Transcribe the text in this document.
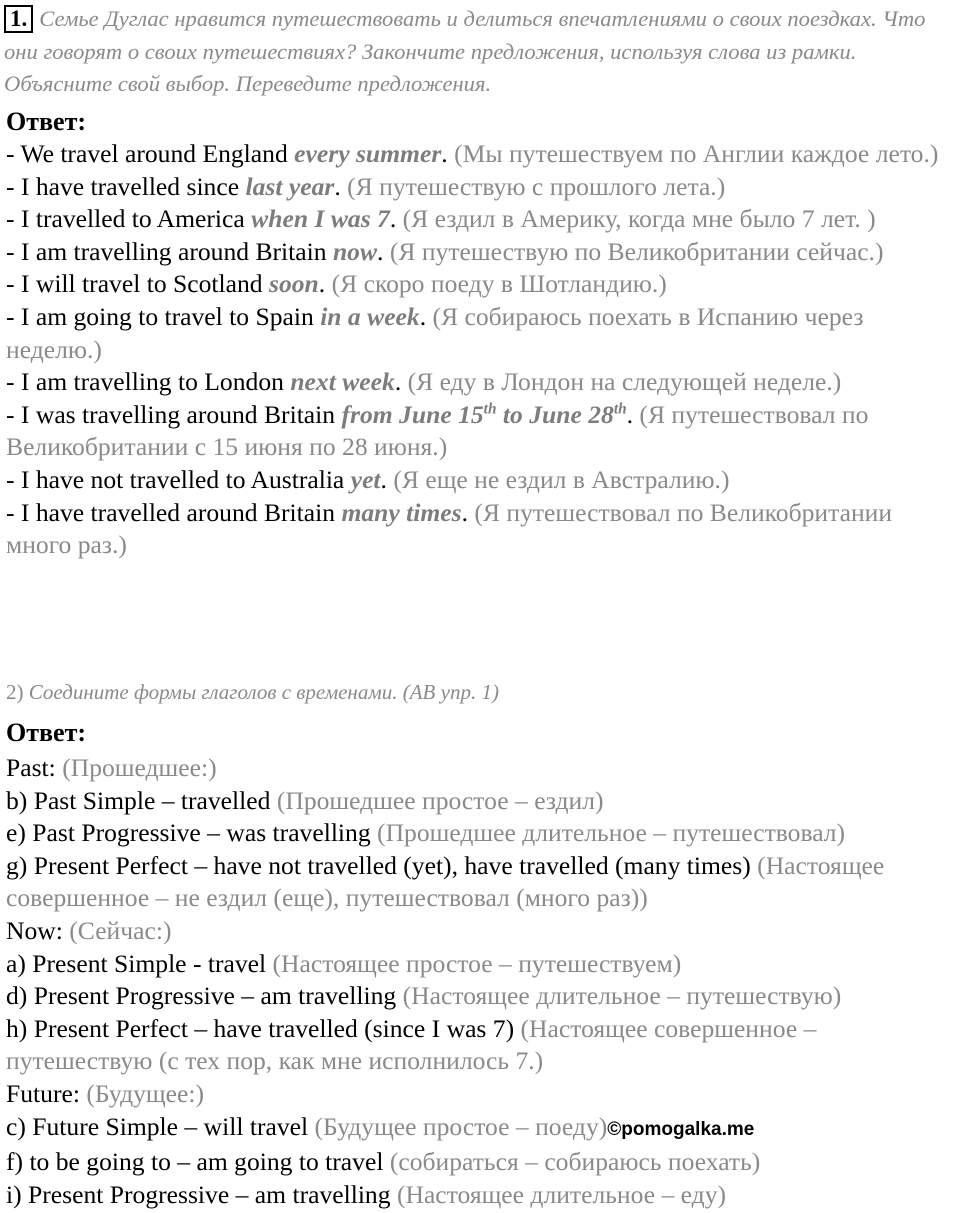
1. Семье Дуглас нравится путешествовать и делиться впечатлениями о своих поездках. Что они говорят о своих путешествиях? Закончите предложения, используя слова из рамки. Объясните свой выбор. Переведите предложения.
Ответ:

- We travel around England every summer. (Мы путешествуем по Англии каждое лето.)

- I have travelled since last year. (Я путешествую с прошлого лета.)

- I travelled to America when I was 7. (Я ездил в Америку, когда мне было 7 лет. )

- I am travelling around Britain now. (Я путешествую по Великобритании сейчас.)

- I will travel to Scotland soon. (Я скоро поеду в Шотландию.)

- I am going to travel to Spain in a week. (Я собираюсь поехать в Испанию через неделю.)

- I am travelling to London next week. (Я еду в Лондон на следующей неделе.)

- I was travelling around Britain from June 15th to June 28th. (Я путешествовал по Великобритании с 15 июня по 28 июня.)

- I have not travelled to Australia yet. (Я еще не ездил в Австралию.)

- I have travelled around Britain many times. (Я путешествовал по Великобритании много раз.)

2) Соедините формы глаголов с временами. (AB упр. 1)
Ответ:

Past: (Прошедшее:)

b) Past Simple – travelled (Прошедшее простое – ездил)

e) Past Progressive – was travelling (Прошедшее длительное – путешествовал)

g) Present Perfect – have not travelled (yet), have travelled (many times) (Настоящее совершенное – не ездил (еще), путешествовал (много раз))

Now: (Сейчас:)

a) Present Simple - travel (Настоящее простое – путешествуем)

d) Present Progressive – am travelling (Настоящее длительное – путешествую)

h) Present Perfect – have travelled (since I was 7) (Настоящее совершенное – путешествую (с тех пор, как мне исполнилось 7.)

Future: (Будущее:)

c) Future Simple – will travel (Будущее простое – поеду)©pomogalka.me

f) to be going to – am going to travel (собираться – собираюсь поехать)

i) Present Progressive – am travelling (Настоящее длительное – еду)
